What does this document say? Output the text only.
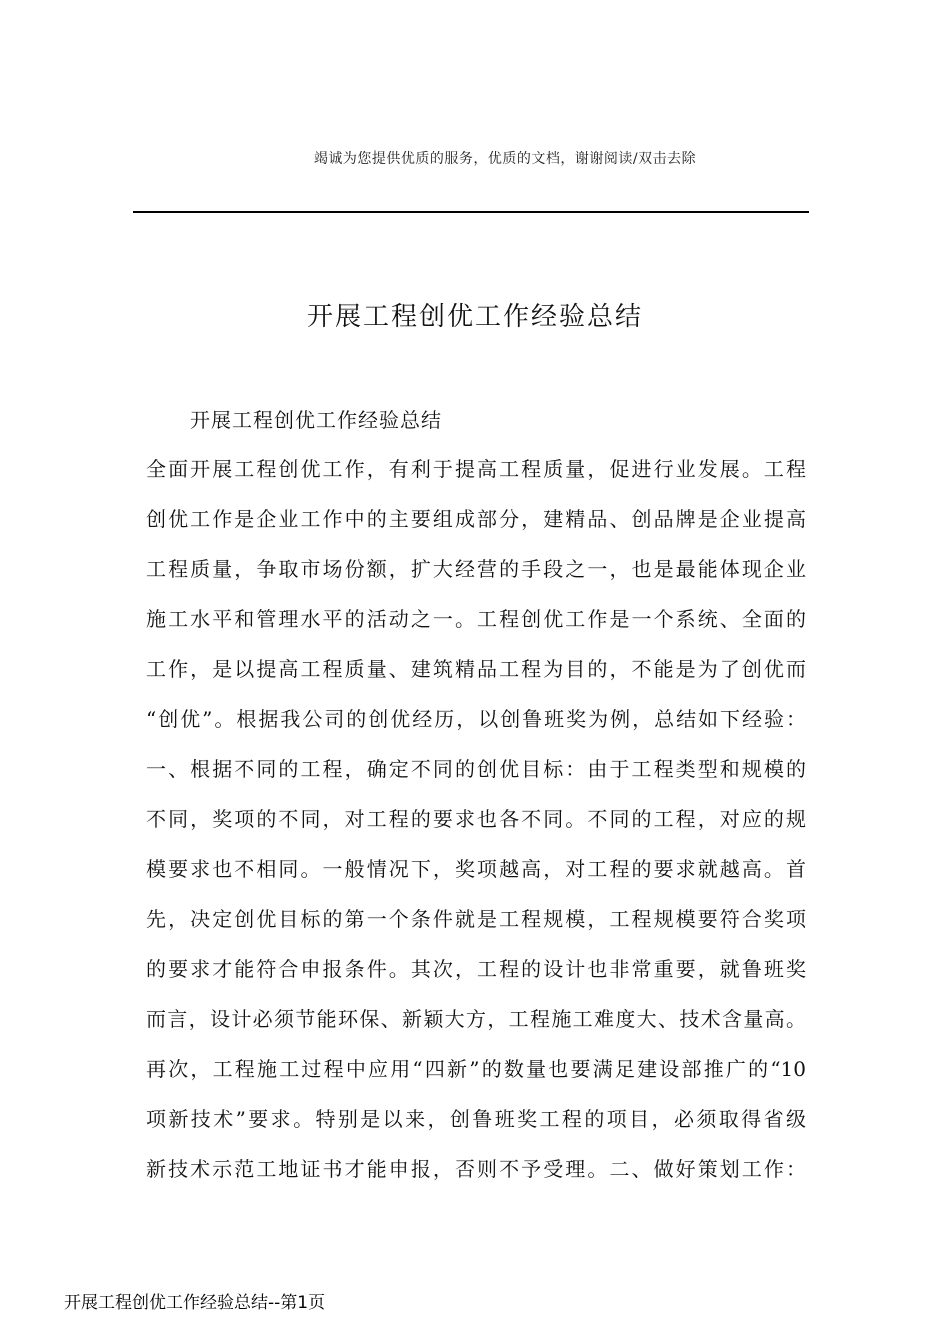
竭诚为您提供优质的服务，优质的文档，谢谢阅读/双击去除
开展工程创优工作经验总结
开展工程创优工作经验总结
全面开展工程创优工作，有利于提高工程质量，促进行业发展。工程
创优工作是企业工作中的主要组成部分，建精品、创品牌是企业提高
工程质量，争取市场份额，扩大经营的手段之一，也是最能体现企业
施工水平和管理水平的活动之一。工程创优工作是一个系统、全面的
工作，是以提高工程质量、建筑精品工程为目的，不能是为了创优而
“创优”。根据我公司的创优经历，以创鲁班奖为例，总结如下经验：
一、根据不同的工程，确定不同的创优目标：由于工程类型和规模的
不同，奖项的不同，对工程的要求也各不同。不同的工程，对应的规
模要求也不相同。一般情况下，奖项越高，对工程的要求就越高。首
先，决定创优目标的第一个条件就是工程规模，工程规模要符合奖项
的要求才能符合申报条件。其次，工程的设计也非常重要，就鲁班奖
而言，设计必须节能环保、新颖大方，工程施工难度大、技术含量高。
再次，工程施工过程中应用“四新”的数量也要满足建设部推广的“10
项新技术”要求。特别是以来，创鲁班奖工程的项目，必须取得省级
新技术示范工地证书才能申报，否则不予受理。二、做好策划工作：
开展工程创优工作经验总结--第1页
